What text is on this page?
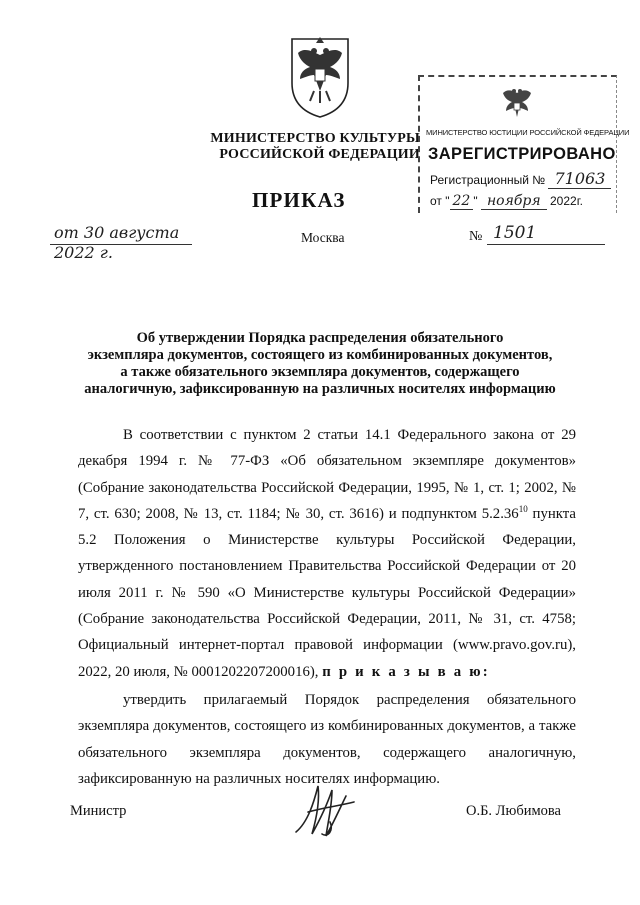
МИНИСТЕРСТВО КУЛЬТУРЫ
РОССИЙСКОЙ ФЕДЕРАЦИИ
МИНИСТЕРСТВО ЮСТИЦИИ РОССИЙСКОЙ ФЕДЕРАЦИИ
ЗАРЕГИСТРИРОВАНО
Регистрационный № 71063
от " 22 " ноября 2022г.
ПРИКАЗ
от 30 августа 2022 г.
Москва	№ 1501
Об утверждении Порядка распределения обязательного
экземпляра документов, состоящего из комбинированных документов,
а также обязательного экземпляра документов, содержащего
аналогичную, зафиксированную на различных носителях информацию

В соответствии с пунктом 2 статьи 14.1 Федерального закона от 29 декабря 1994 г. № 77-ФЗ «Об обязательном экземпляре документов» (Собрание законодательства Российской Федерации, 1995, № 1, ст. 1; 2002, № 7, ст. 630; 2008, № 13, ст. 1184; № 30, ст. 3616) и подпунктом 5.2.36$^{10}$ пункта 5.2 Положения о Министерстве культуры Российской Федерации, утвержденного постановлением Правительства Российской Федерации от 20 июля 2011 г. № 590 «О Министерстве культуры Российской Федерации» (Собрание законодательства Российской Федерации, 2011, № 31, ст. 4758; Официальный интернет-портал правовой информации (www.pravo.gov.ru), 2022, 20 июля, № 0001202207200016), п р и к а з ы в а ю:

утвердить прилагаемый Порядок распределения обязательного экземпляра документов, состоящего из комбинированных документов, а также обязательного экземпляра документов, содержащего аналогичную, зафиксированную на различных носителях информацию.

Министр	О.Б. Любимова
